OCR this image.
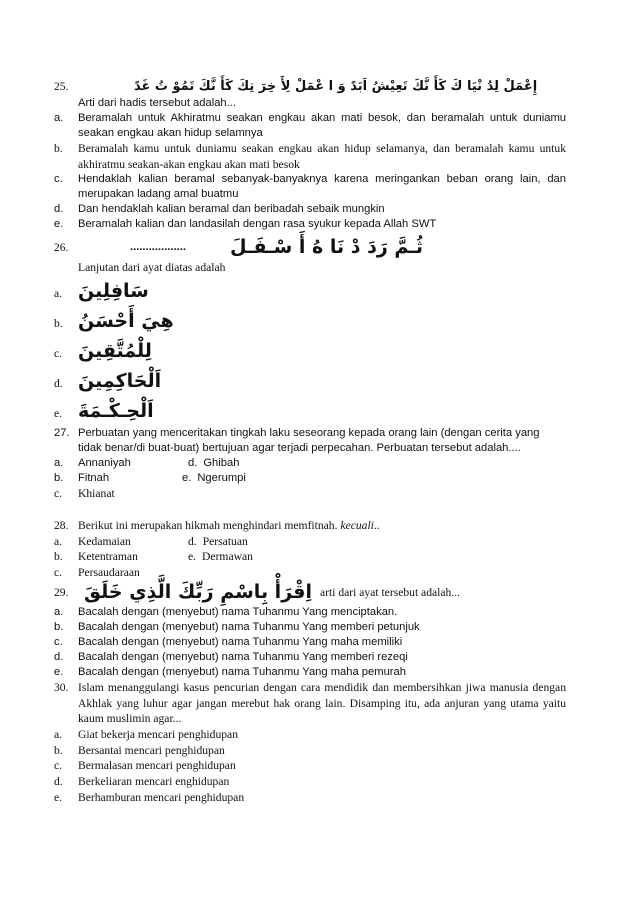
25.	إِعْمَلْ لِدُ نْيَا كَ كَأَ نَّكَ تَعِيْشُ اَبَدً وَ ا عْمَلْ لِأَ خِرَ تِكَ كَأَ نَّكَ تَمُوْ تُ غَدً
Arti dari hadis tersebut adalah...
a.	Beramalah untuk Akhiratmu seakan engkau akan mati besok, dan beramalah untuk duniamu seakan engkau akan hidup selamnya
b.	Beramalah kamu untuk duniamu seakan engkau akan hidup selamanya, dan beramalah kamu untuk akhiratmu seakan-akan engkau akan mati besok
c.	Hendaklah kalian beramal sebanyak-banyaknya karena meringankan beban orang lain, dan merupakan ladang amal buatmu
d.	Dan hendaklah kalian beramal dan beribadah sebaik mungkin
e.	Beramalah kalian dan landasilah dengan rasa syukur kepada Allah SWT
26.	..................	ثُـمَّ رَدَ دْ نَا هُ أَ سْـفَـلَ
Lanjutan dari ayat diatas adalah
a. سَافِلِينَ
b. هِيَ أَحْسَنُ
c. لِلْمُتَّقِينَ
d. اَلْحَاكِمِينَ
e. اَلْحِـكْـمَةَ
27. Perbuatan yang menceritakan tingkah laku seseorang kepada orang lain (dengan cerita yang tidak benar/di buat-buat) bertujuan agar terjadi perpecahan. Perbuatan tersebut adalah....
a.	Annaniyah	d. Ghibah
b.	Fitnah	e. Ngerumpi
c.	Khianat
28. Berikut ini merupakan hikmah menghindari memfitnah. kecuali..
a.	Kedamaian	d. Persatuan
b.	Ketentraman	e. Dermawan
c.	Persaudaraan
29. اِقْرَأْ بِاسْمِ رَبِّكَ الَّذِي خَلَقَ arti dari ayat tersebut adalah...
a.	Bacalah dengan (menyebut) nama Tuhanmu Yang menciptakan.
b.	Bacalah dengan (menyebut) nama Tuhanmu Yang memberi petunjuk
c.	Bacalah dengan (menyebut) nama Tuhanmu Yang maha memiliki
d.	Bacalah dengan (menyebut) nama Tuhanmu Yang memberi rezeqi
e.	Bacalah dengan (menyebut) nama Tuhanmu Yang maha pemurah
30. Islam menanggulangi kasus pencurian dengan cara mendidik dan membersihkan jiwa manusia dengan Akhlak yang luhur agar jangan merebut hak orang lain. Disamping itu, ada anjuran yang utama yaitu kaum muslimin agar...
a.	Giat bekerja mencari penghidupan
b.	Bersantai mencari penghidupan
c.	Bermalasan mencari penghidupan
d.	Berkeliaran mencari enghidupan
e.	Berhamburan mencari penghidupan
